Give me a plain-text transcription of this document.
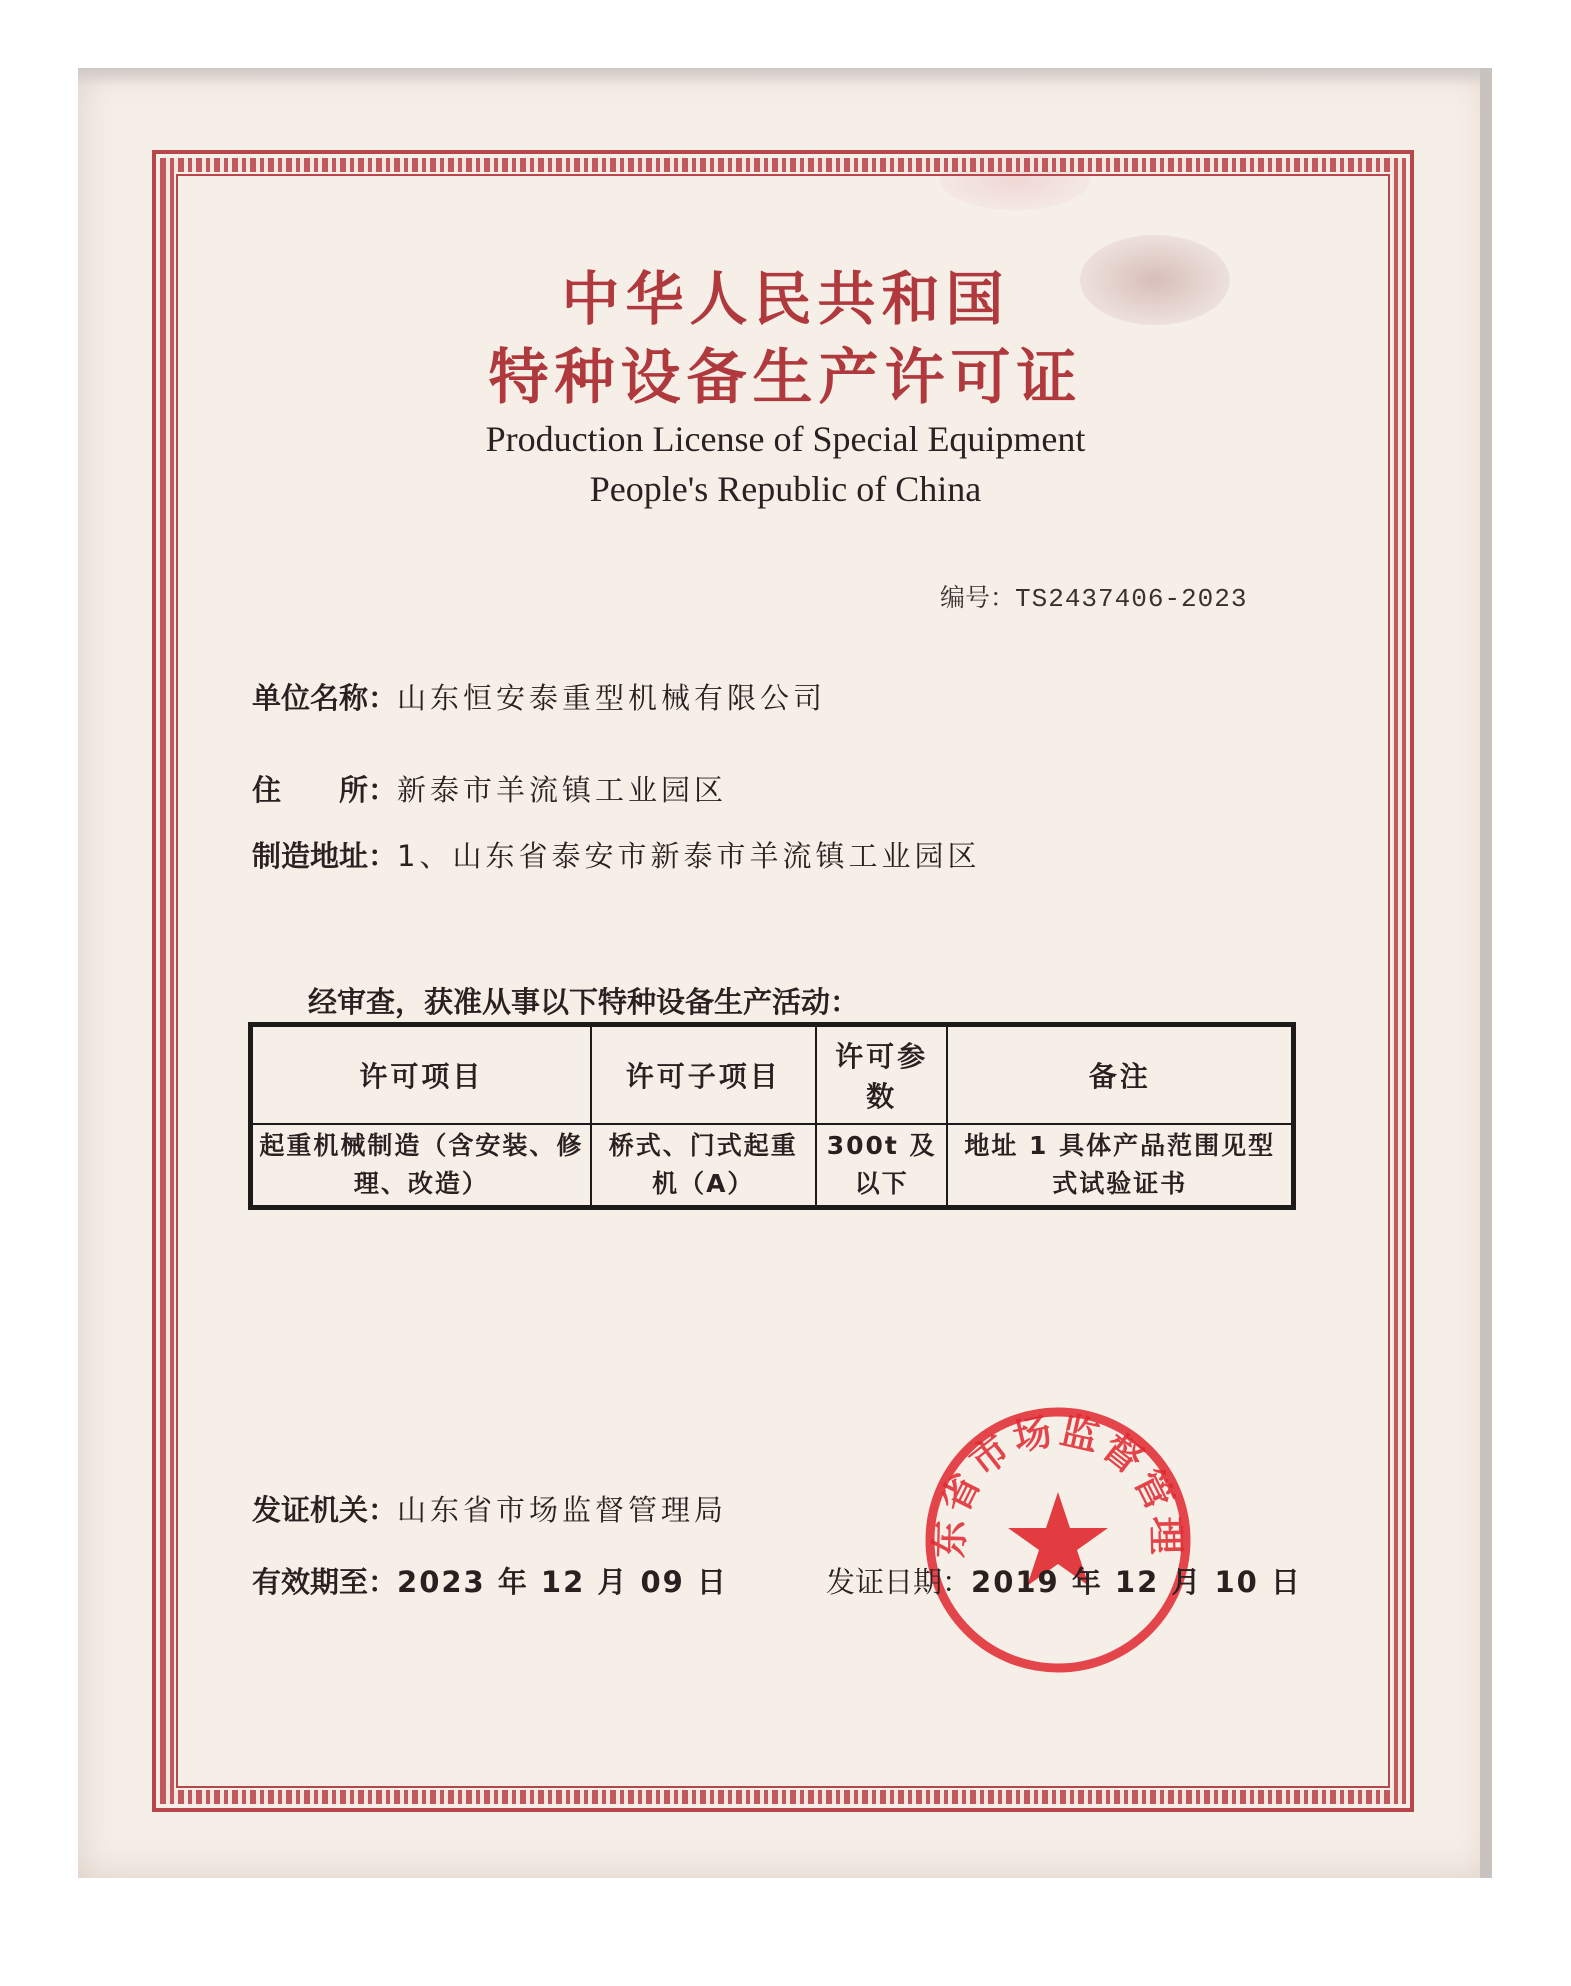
中华人民共和国
特种设备生产许可证
Production License of Special Equipment
People's Republic of China
编号：TS2437406-2023
单位名称：山东恒安泰重型机械有限公司
住　　所：新泰市羊流镇工业园区
制造地址：1、山东省泰安市新泰市羊流镇工业园区
经审查，获准从事以下特种设备生产活动：
许可项目	许可子项目	许可参数	备注
起重机械制造（含安装、修理、改造）	桥式、门式起重机（A）	300t 及以下	地址 1 具体产品范围见型式试验证书
发证机关：山东省市场监督管理局
有效期至：2023 年 12 月 09 日
东省市场监督管理
发证日期：2019 年 12 月 10 日
